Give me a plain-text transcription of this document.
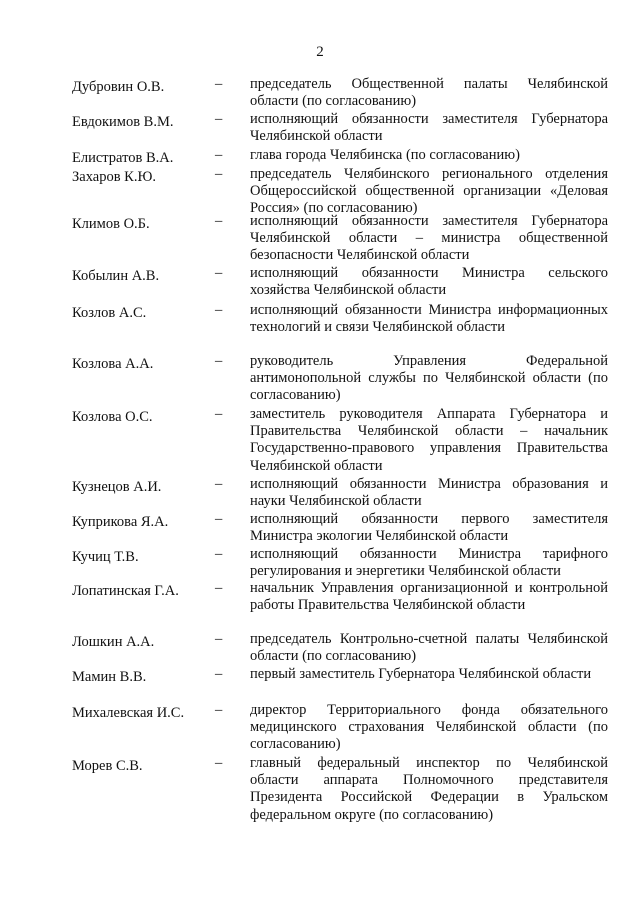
2
Дубровин О.В.	– председатель Общественной палаты Челябинской области (по согласованию)
Евдокимов В.М.	– исполняющий обязанности заместителя Губернатора Челябинской области
Елистратов В.А.	– глава города Челябинска (по согласованию)
Захаров К.Ю.	– председатель Челябинского регионального отделения Общероссийской общественной организации «Деловая Россия» (по согласованию)
Климов О.Б.	– исполняющий обязанности заместителя Губернатора Челябинской области – министра общественной безопасности Челябинской области
Кобылин А.В.	– исполняющий обязанности Министра сельского хозяйства Челябинской области
Козлов А.С.	– исполняющий обязанности Министра информационных технологий и связи Челябинской области
Козлова А.А.	– руководитель Управления Федеральной антимонопольной службы по Челябинской области (по согласованию)
Козлова О.С.	– заместитель руководителя Аппарата Губернатора и Правительства Челябинской области – начальник Государственно-правового управления Правительства Челябинской области
Кузнецов А.И.	– исполняющий обязанности Министра образования и науки Челябинской области
Куприкова Я.А.	– исполняющий обязанности первого заместителя Министра экологии Челябинской области
Кучиц Т.В.	– исполняющий обязанности Министра тарифного регулирования и энергетики Челябинской области
Лопатинская Г.А.	– начальник Управления организационной и контрольной работы Правительства Челябинской области
Лошкин А.А.	– председатель Контрольно-счетной палаты Челябинской области (по согласованию)
Мамин В.В.	– первый заместитель Губернатора Челябинской области
Михалевская И.С.	– директор Территориального фонда обязательного медицинского страхования Челябинской области (по согласованию)
Морев С.В.	– главный федеральный инспектор по Челябинской области аппарата Полномочного представителя Президента Российской Федерации в Уральском федеральном округе (по согласованию)
